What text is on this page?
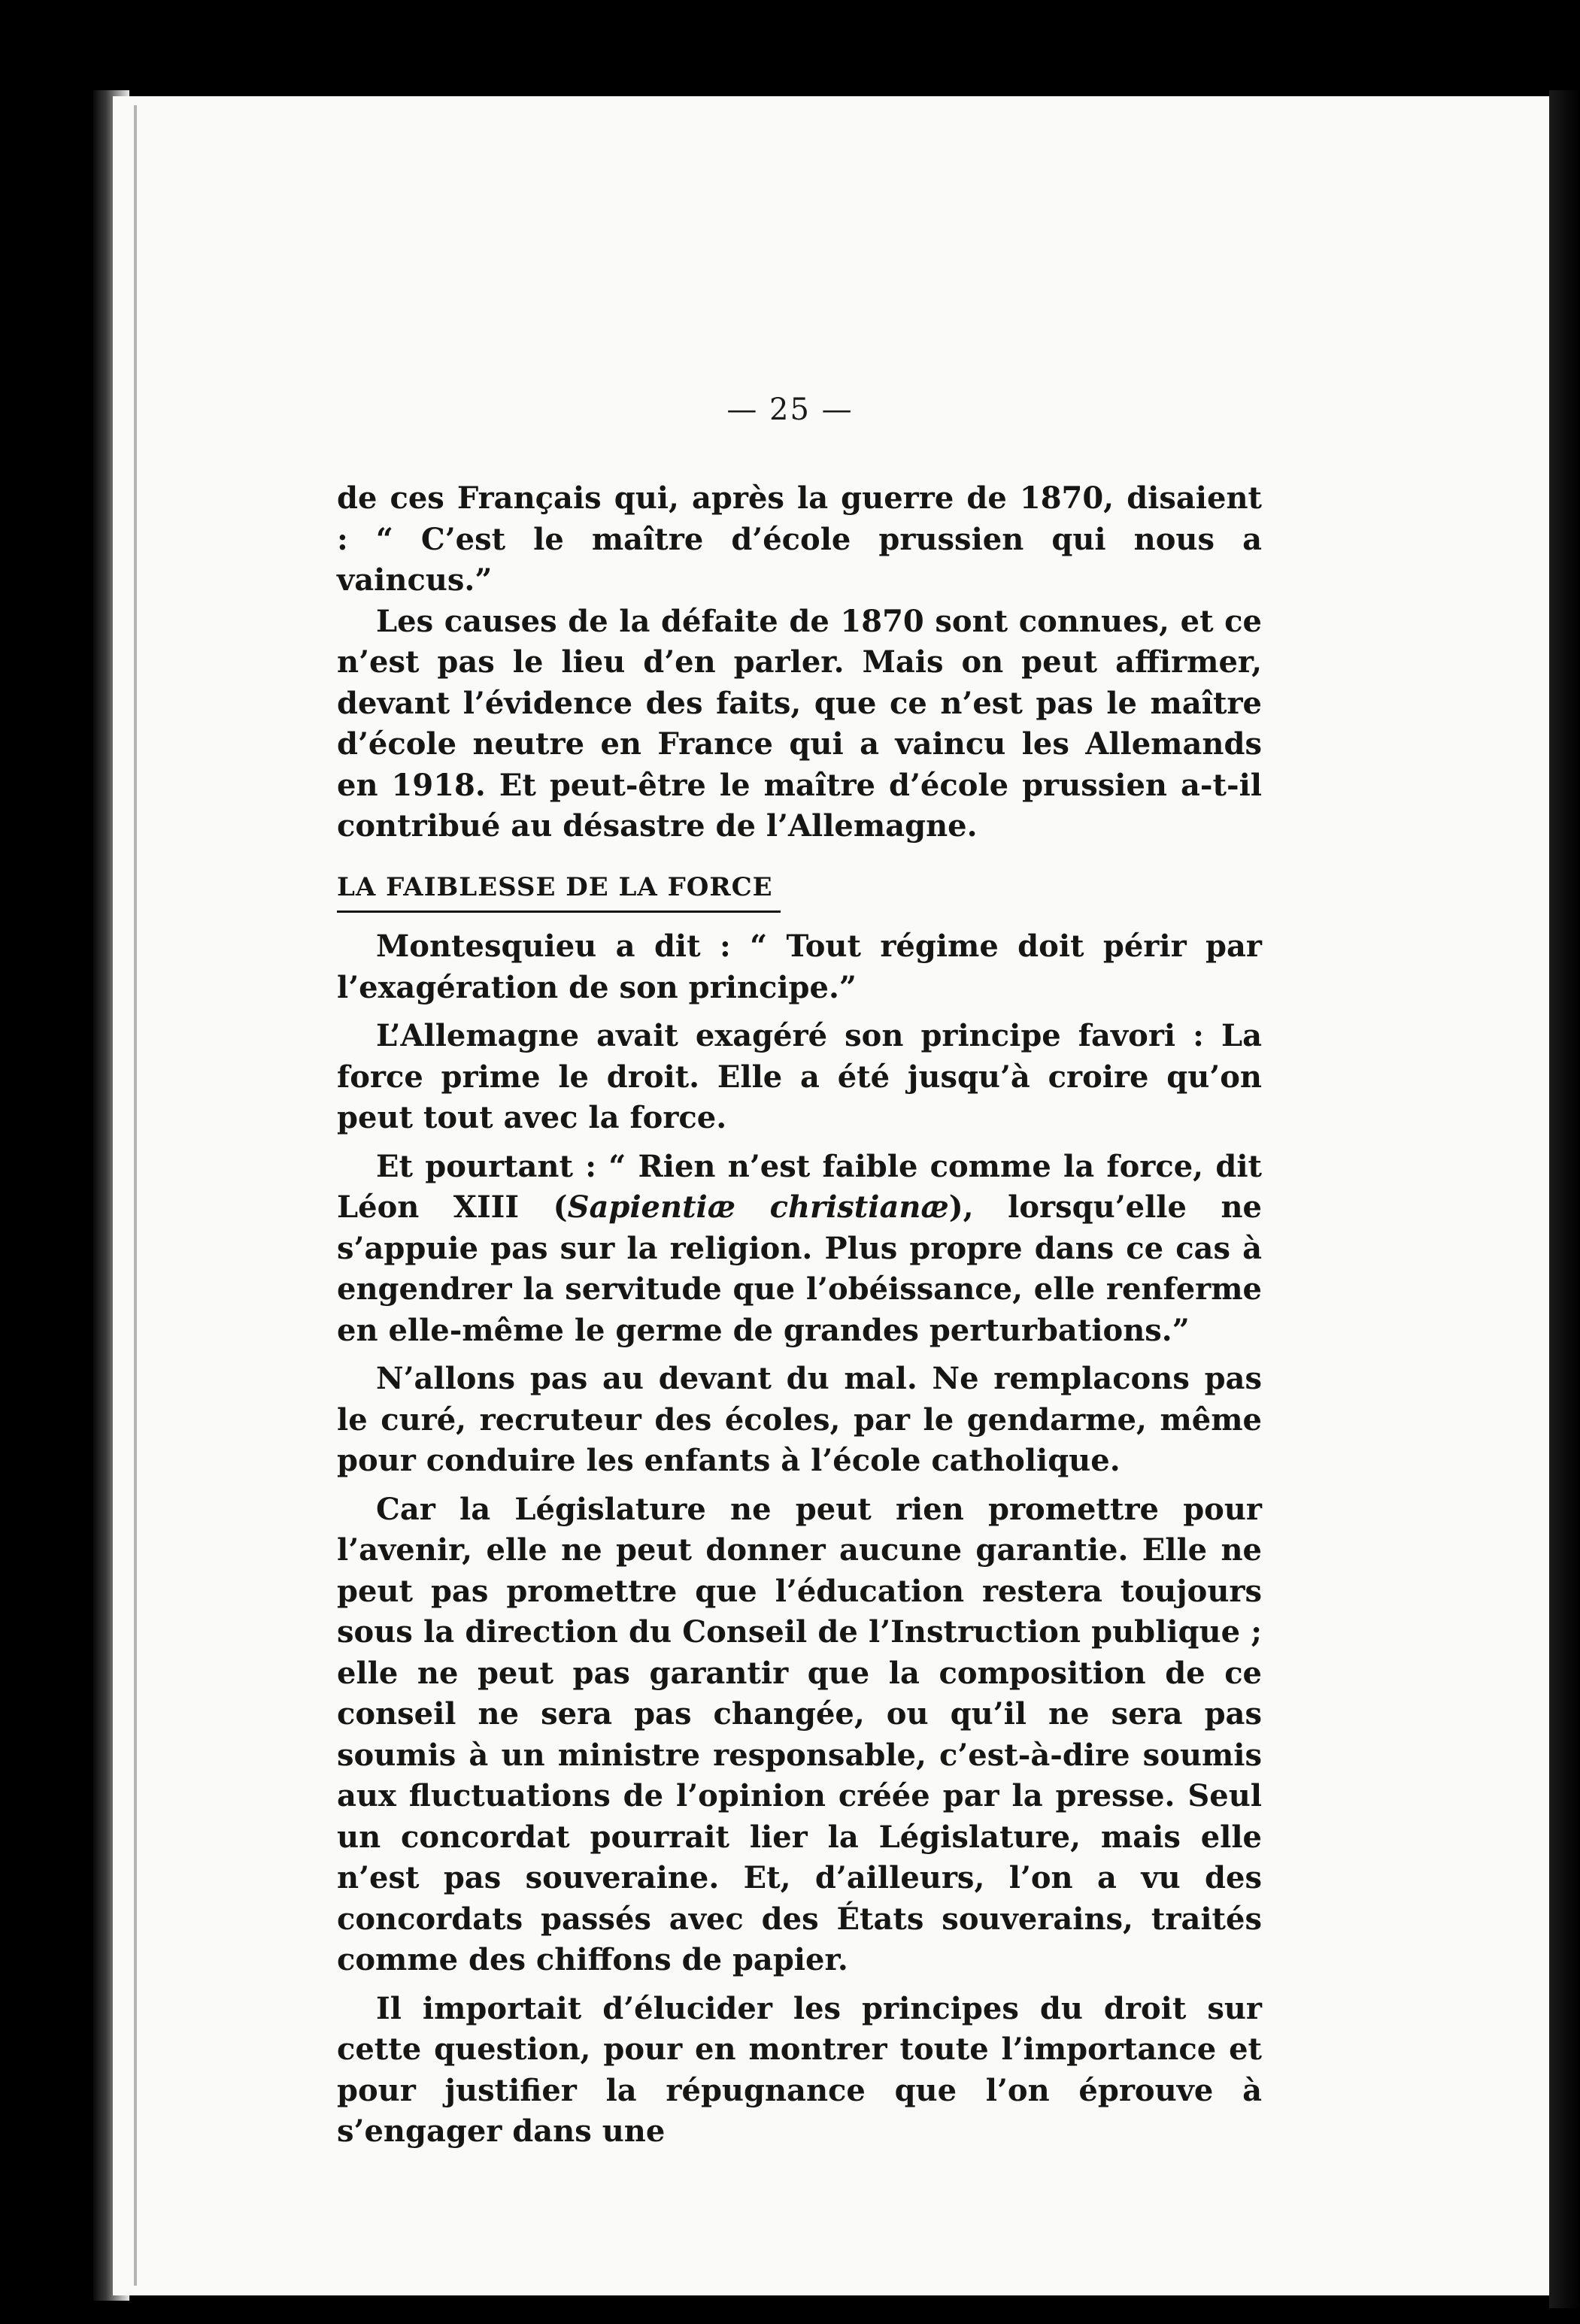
— 25 —

de ces Français qui, après la guerre de 1870, disaient : “ C’est le maître d’école prussien qui nous a vaincus.”

Les causes de la défaite de 1870 sont connues, et ce n’est pas le lieu d’en parler. Mais on peut affirmer, devant l’évidence des faits, que ce n’est pas le maître d’école neutre en France qui a vaincu les Allemands en 1918. Et peut-être le maître d’école prussien a-t-il contribué au désastre de l’Allemagne.

LA FAIBLESSE DE LA FORCE

Montesquieu a dit : “ Tout régime doit périr par l’exagération de son principe.”

L’Allemagne avait exagéré son principe favori : La force prime le droit. Elle a été jusqu’à croire qu’on peut tout avec la force.

Et pourtant : “ Rien n’est faible comme la force, dit Léon XIII (Sapientiæ christianæ), lorsqu’elle ne s’appuie pas sur la religion. Plus propre dans ce cas à engendrer la servitude que l’obéissance, elle renferme en elle-même le germe de grandes perturbations.”

N’allons pas au devant du mal. Ne remplacons pas le curé, recruteur des écoles, par le gendarme, même pour conduire les enfants à l’école catholique.

Car la Législature ne peut rien promettre pour l’avenir, elle ne peut donner aucune garantie. Elle ne peut pas promettre que l’éducation restera toujours sous la direction du Conseil de l’Instruction publique ; elle ne peut pas garantir que la composition de ce conseil ne sera pas changée, ou qu’il ne sera pas soumis à un ministre responsable, c’est-à-dire soumis aux fluctuations de l’opinion créée par la presse. Seul un concordat pourrait lier la Législature, mais elle n’est pas souveraine. Et, d’ailleurs, l’on a vu des concordats passés avec des États souverains, traités comme des chiffons de papier.

Il importait d’élucider les principes du droit sur cette question, pour en montrer toute l’importance et pour justifier la répugnance que l’on éprouve à s’engager dans une
